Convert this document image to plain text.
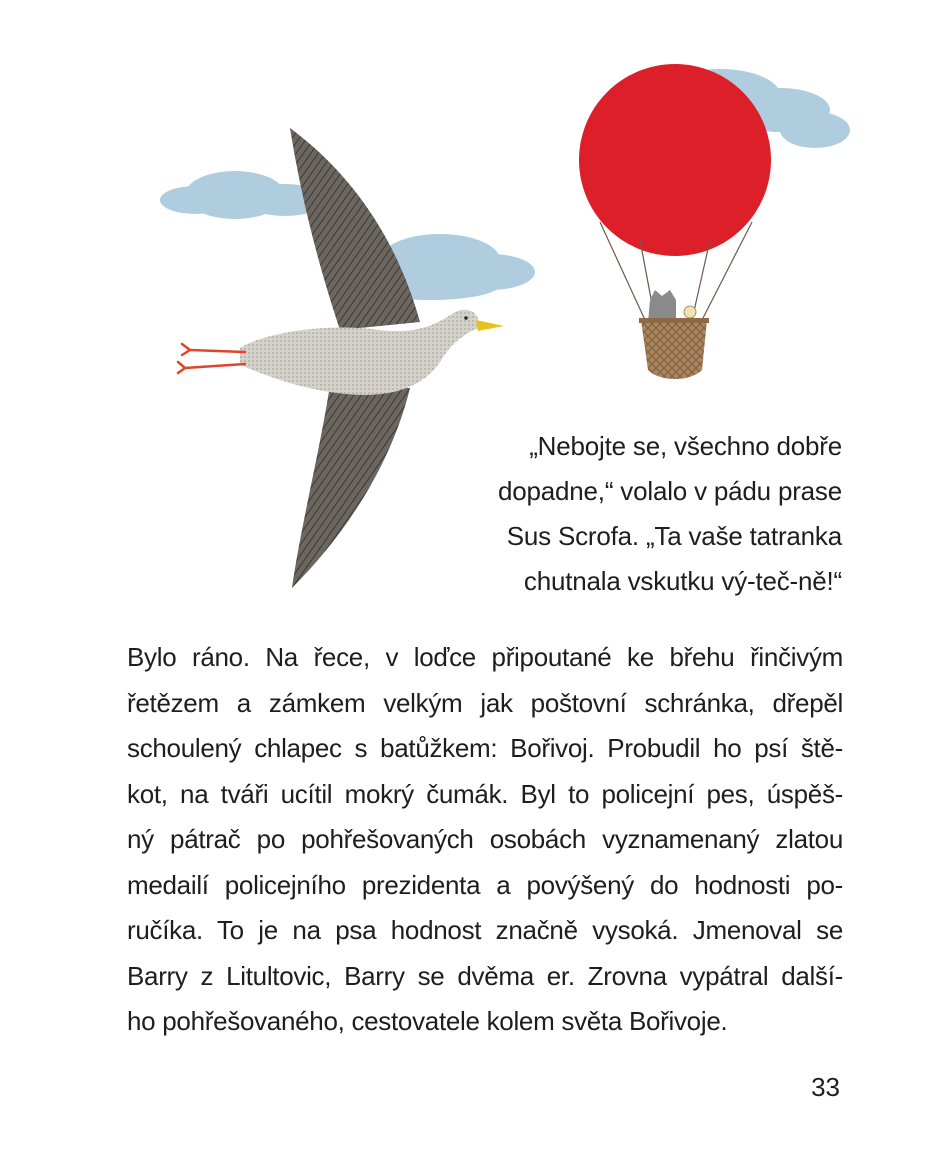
„Nebojte se, všechno dobře
dopadne,“ volalo v pádu prase
Sus Scrofa. „Ta vaše tatranka
chutnala vskutku vý-teč-ně!“
Bylo ráno. Na řece, v loďce připoutané ke břehu řinčivým
řetězem a zámkem velkým jak poštovní schránka, dřepěl
schoulený chlapec s batůžkem: Bořivoj. Probudil ho psí ště-
kot, na tváři ucítil mokrý čumák. Byl to policejní pes, úspěš-
ný pátrač po pohřešovaných osobách vyznamenaný zlatou
medailí policejního prezidenta a povýšený do hodnosti po-
ručíka. To je na psa hodnost značně vysoká. Jmenoval se
Barry z Litultovic, Barry se dvěma er. Zrovna vypátral další-
ho pohřešovaného, cestovatele kolem světa Bořivoje.
33
